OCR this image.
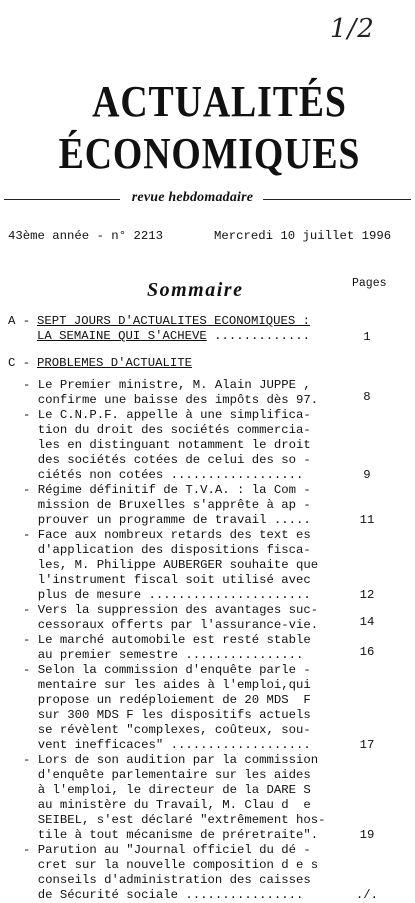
1/2
ACTUALITÉS
ÉCONOMIQUES
revue hebdomadaire
43ème année - n° 2213	Mercredi 10 juillet 1996
Sommaire	Pages
A - SEPT JOURS D'ACTUALITES ECONOMIQUES :
LA SEMAINE QUI S'ACHEVE .............	1
C - PROBLEMES D'ACTUALITE
- Le Premier ministre, M. Alain JUPPE ,
confirme une baisse des impôts dès 97.	8
- Le C.N.P.F. appelle à une simplifica-
tion du droit des sociétés commercia-
les en distinguant notamment le droit
des sociétés cotées de celui des so -
ciétés non cotées ..................	9
- Régime définitif de T.V.A. : la Com -
mission de Bruxelles s'apprête à ap -
prouver un programme de travail .....	11
- Face aux nombreux retards des text es
d'application des dispositions fisca-
les, M. Philippe AUBERGER souhaite que
l'instrument fiscal soit utilisé avec
plus de mesure ......................	12
- Vers la suppression des avantages suc-
cessoraux offerts par l'assurance-vie.	14
- Le marché automobile est resté stable
au premier semestre ................	16
- Selon la commission d'enquête parle -
mentaire sur les aides à l'emploi,qui
propose un redéploiement de 20 MDS  F
sur 300 MDS F les dispositifs actuels
se révèlent "complexes, coûteux, sou-
vent inefficaces" ...................	17
- Lors de son audition par la commission
d'enquête parlementaire sur les aides
à l'emploi, le directeur de la DARE S
au ministère du Travail, M. Clau d  e
SEIBEL, s'est déclaré "extrêmement hos-
tile à tout mécanisme de préretraite".	19
- Parution au "Journal officiel du dé -
cret sur la nouvelle composition d e s
conseils d'administration des caisses
de Sécurité sociale ................	./.
